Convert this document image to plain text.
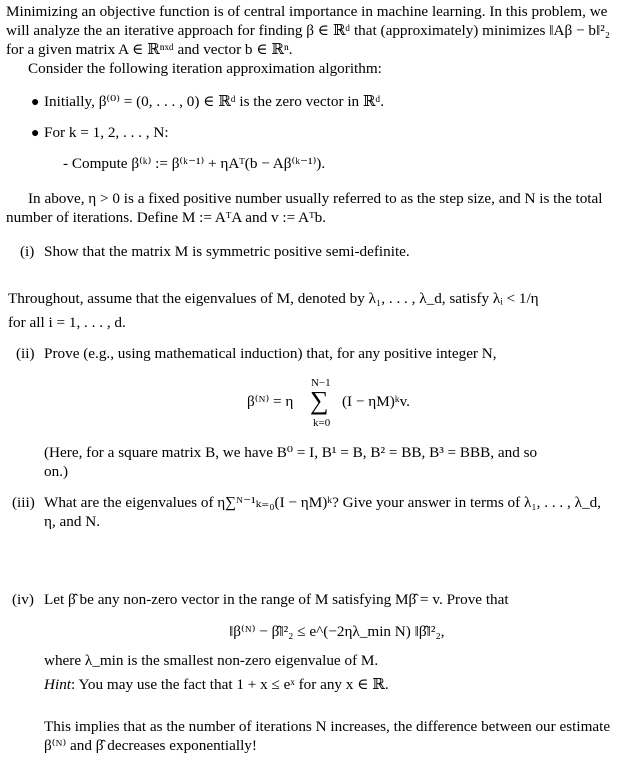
Minimizing an objective function is of central importance in machine learning. In this problem, we
will analyze the an iterative approach for finding β ∈ ℝᵈ that (approximately) minimizes ‖Aβ − b‖²₂
for a given matrix A ∈ ℝⁿˣᵈ and vector b ∈ ℝⁿ.
Consider the following iteration approximation algorithm:
● Initially, β⁽⁰⁾ = (0, . . . , 0) ∈ ℝᵈ is the zero vector in ℝᵈ.
● For k = 1, 2, . . . , N:
- Compute β⁽ᵏ⁾ := β⁽ᵏ⁻¹⁾ + ηAᵀ(b − Aβ⁽ᵏ⁻¹⁾).
In above, η > 0 is a fixed positive number usually referred to as the step size, and N is the total
number of iterations. Define M := AᵀA and v := Aᵀb.
(i) Show that the matrix M is symmetric positive semi-definite.
Throughout, assume that the eigenvalues of M, denoted by λ₁, . . . , λ_d, satisfy λᵢ < 1/η
for all i = 1, . . . , d.
(ii) Prove (e.g., using mathematical induction) that, for any positive integer N,
N−1
β⁽ᴺ⁾ = η ∑ (I − ηM)ᵏv.
k=0
(Here, for a square matrix B, we have B⁰ = I, B¹ = B, B² = BB, B³ = BBB, and so
on.)
(iii) What are the eigenvalues of η∑ᴺ⁻¹ₖ₌₀(I − ηM)ᵏ? Give your answer in terms of λ₁, . . . , λ_d,
η, and N.
(iv) Let β̂ be any non-zero vector in the range of M satisfying Mβ̂ = v. Prove that
‖β⁽ᴺ⁾ − β̂‖²₂ ≤ e^(−2ηλ_min N) ‖β̂‖²₂,
where λ_min is the smallest non-zero eigenvalue of M.
Hint: You may use the fact that 1 + x ≤ eˣ for any x ∈ ℝ.
This implies that as the number of iterations N increases, the difference between our estimate
β⁽ᴺ⁾ and β̂ decreases exponentially!
